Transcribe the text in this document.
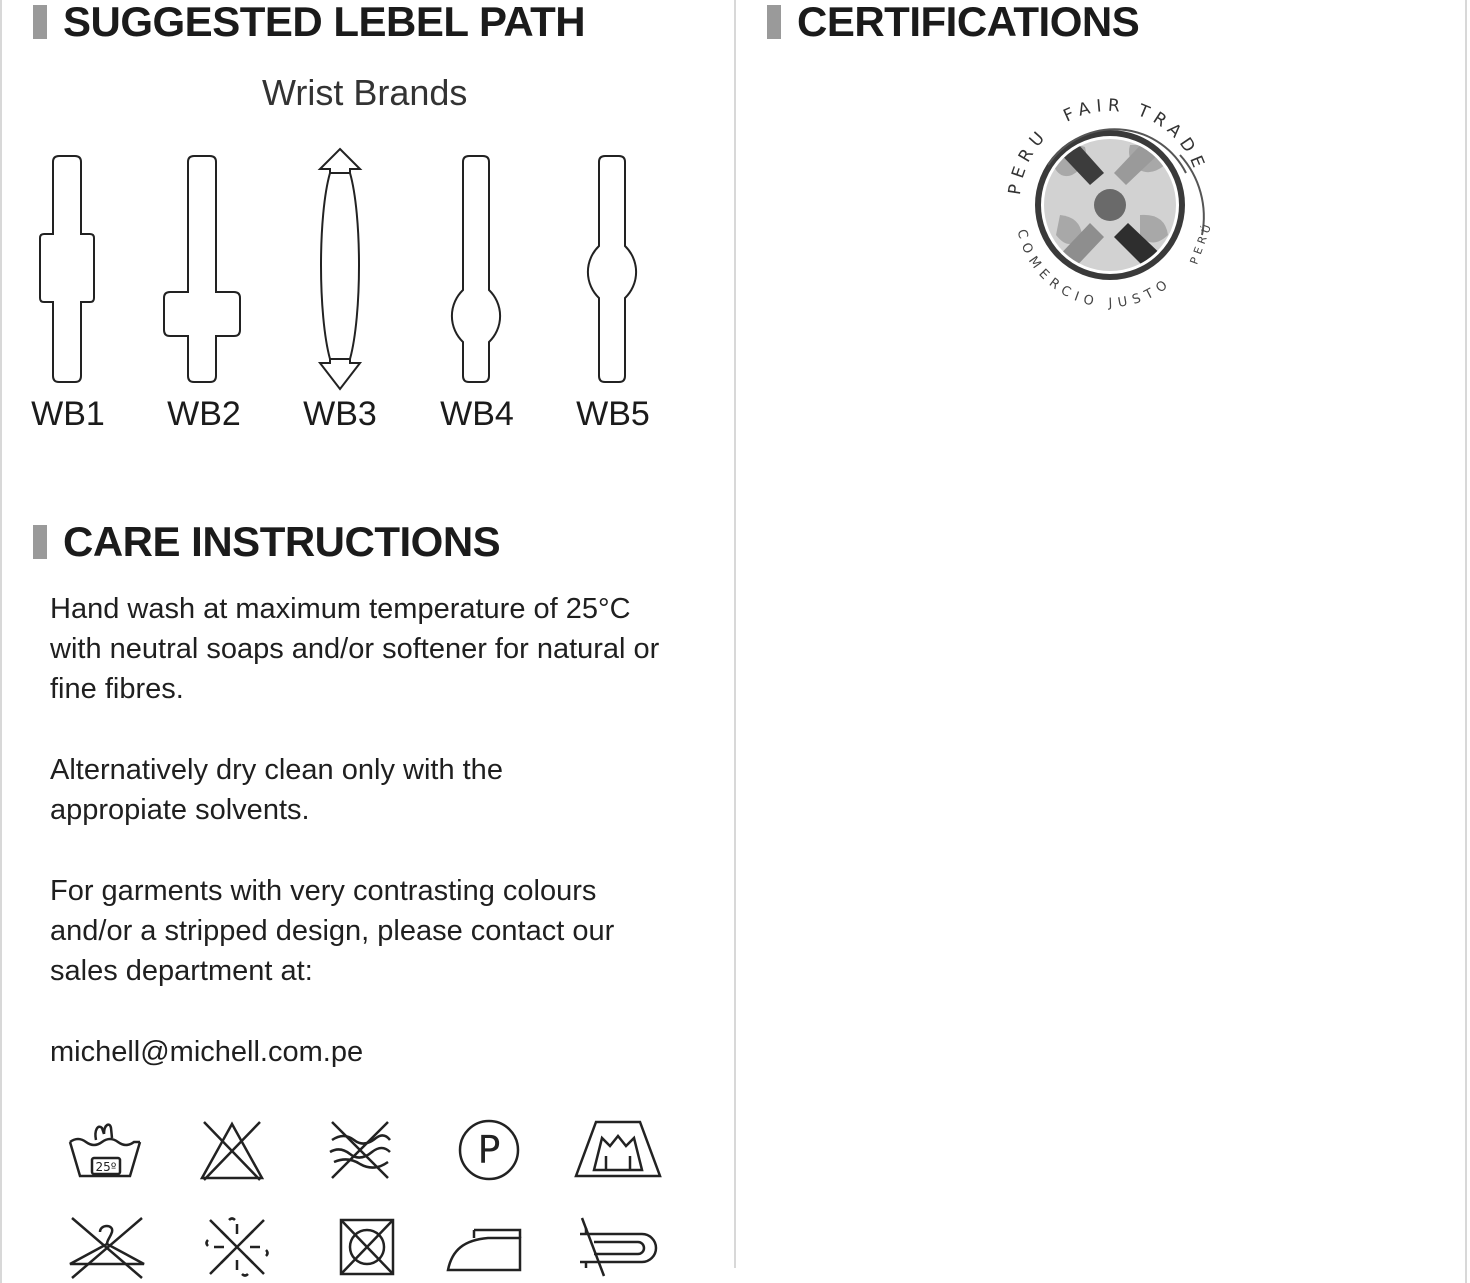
SUGGESTED LEBEL PATH
Wrist Brands
WB1	WB2	WB3	WB4	WB5
CARE INSTRUCTIONS

Hand wash at maximum temperature of 25°C with neutral soaps and/or softener for natural or fine fibres.

Alternatively dry clean only with the appropiate solvents.

For garments with very contrasting colours and/or a stripped design, please contact our sales department at:

michell@michell.com.pe

25º	P
CERTIFICATIONS
PERU
FAIR TRADE
COMERCIO JUSTO
PERÚ
